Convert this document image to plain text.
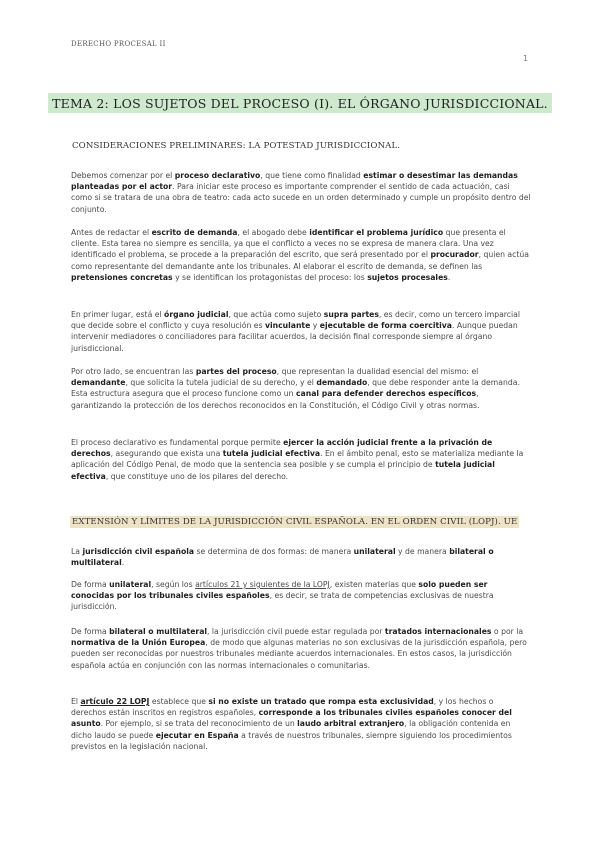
DERECHO PROCESAL II
1
TEMA 2: LOS SUJETOS DEL PROCESO (I). EL ÓRGANO JURISDICCIONAL.
CONSIDERACIONES PRELIMINARES: LA POTESTAD JURISDICCIONAL.

Debemos comenzar por el proceso declarativo, que tiene como finalidad estimar o desestimar las demandas planteadas por el actor. Para iniciar este proceso es importante comprender el sentido de cada actuación, casi como si se tratara de una obra de teatro: cada acto sucede en un orden determinado y cumple un propósito dentro del conjunto.

Antes de redactar el escrito de demanda, el abogado debe identificar el problema jurídico que presenta el cliente. Esta tarea no siempre es sencilla, ya que el conflicto a veces no se expresa de manera clara. Una vez identificado el problema, se procede a la preparación del escrito, que será presentado por el procurador, quien actúa como representante del demandante ante los tribunales. Al elaborar el escrito de demanda, se definen las pretensiones concretas y se identifican los protagonistas del proceso: los sujetos procesales.

En primer lugar, está el órgano judicial, que actúa como sujeto supra partes, es decir, como un tercero imparcial que decide sobre el conflicto y cuya resolución es vinculante y ejecutable de forma coercitiva. Aunque puedan intervenir mediadores o conciliadores para facilitar acuerdos, la decisión final corresponde siempre al órgano jurisdiccional.

Por otro lado, se encuentran las partes del proceso, que representan la dualidad esencial del mismo: el demandante, que solicita la tutela judicial de su derecho, y el demandado, que debe responder ante la demanda. Esta estructura asegura que el proceso funcione como un canal para defender derechos específicos, garantizando la protección de los derechos reconocidos en la Constitución, el Código Civil y otras normas.

El proceso declarativo es fundamental porque permite ejercer la acción judicial frente a la privación de derechos, asegurando que exista una tutela judicial efectiva. En el ámbito penal, esto se materializa mediante la aplicación del Código Penal, de modo que la sentencia sea posible y se cumpla el principio de tutela judicial efectiva, que constituye uno de los pilares del derecho.

EXTENSIÓN Y LÍMITES DE LA JURISDICCIÓN CIVIL ESPAÑOLA. EN EL ORDEN CIVIL (LOPJ). UE

La jurisdicción civil española se determina de dos formas: de manera unilateral y de manera bilateral o multilateral.

De forma unilateral, según los artículos 21 y siguientes de la LOPJ, existen materias que solo pueden ser conocidas por los tribunales civiles españoles, es decir, se trata de competencias exclusivas de nuestra jurisdicción.

De forma bilateral o multilateral, la jurisdicción civil puede estar regulada por tratados internacionales o por la normativa de la Unión Europea, de modo que algunas materias no son exclusivas de la jurisdicción española, pero pueden ser reconocidas por nuestros tribunales mediante acuerdos internacionales. En estos casos, la jurisdicción española actúa en conjunción con las normas internacionales o comunitarias.

El artículo 22 LOPJ establece que si no existe un tratado que rompa esta exclusividad, y los hechos o derechos están inscritos en registros españoles, corresponde a los tribunales civiles españoles conocer del asunto. Por ejemplo, si se trata del reconocimiento de un laudo arbitral extranjero, la obligación contenida en dicho laudo se puede ejecutar en España a través de nuestros tribunales, siempre siguiendo los procedimientos previstos en la legislación nacional.
